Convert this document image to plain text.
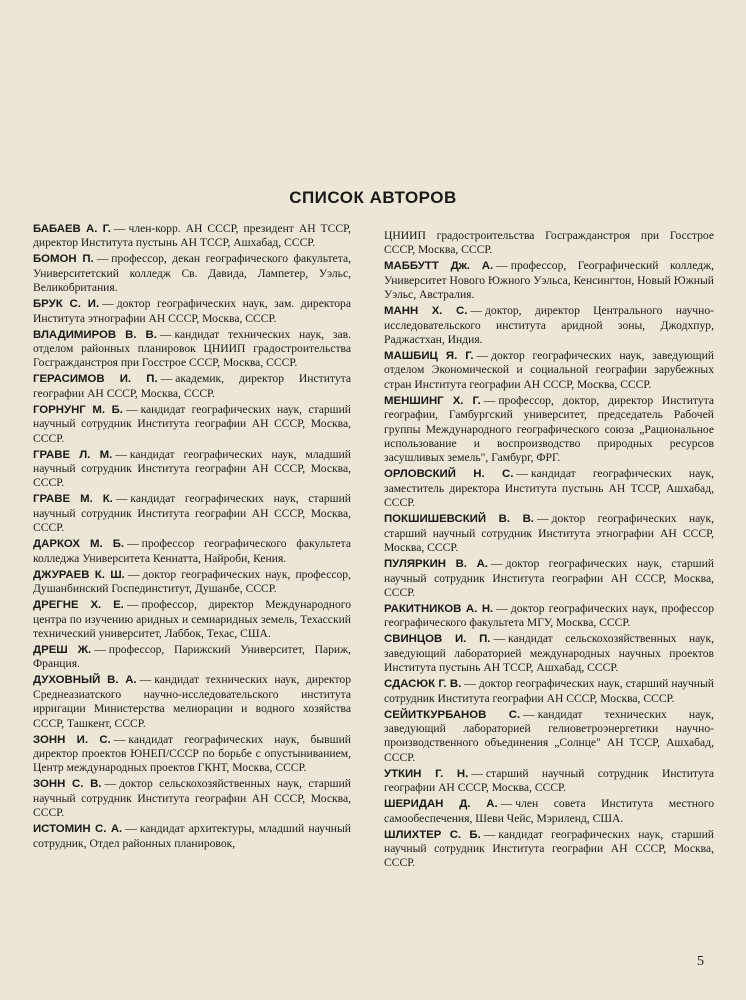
СПИСОК АВТОРОВ
БАБАЕВ А. Г. — член-корр. АН СССР, президент АН ТССР, директор Института пустынь АН ТССР, Ашхабад, СССР.
БОМОН П. — профессор, декан географического факультета, Университетский колледж Св. Давида, Лампетер, Уэльс, Великобритания.
БРУК С. И. — доктор географических наук, зам. директора Института этнографии АН СССР, Москва, СССР.
ВЛАДИМИРОВ В. В. — кандидат технических наук, зав. отделом районных планировок ЦНИИП градостроительства Госгражданстроя при Госстрое СССР, Москва, СССР.
ГЕРАСИМОВ И. П. — академик, директор Института географии АН СССР, Москва, СССР.
ГОРНУНГ М. Б. — кандидат географических наук, старший научный сотрудник Института географии АН СССР, Москва, СССР.
ГРАВЕ Л. М. — кандидат географических наук, младший научный сотрудник Института географии АН СССР, Москва, СССР.
ГРАВЕ М. К. — кандидат географических наук, старший научный сотрудник Института географии АН СССР, Москва, СССР.
ДАРКОХ М. Б. — профессор географического факультета колледжа Университета Кениатта, Найроби, Кения.
ДЖУРАЕВ К. Ш. — доктор географических наук, профессор, Душанбинский Госпединститут, Душанбе, СССР.
ДРЕГНЕ Х. Е. — профессор, директор Международного центра по изучению аридных и семиаридных земель, Техасский технический университет, Лаббок, Техас, США.
ДРЕШ Ж. — профессор, Парижский Университет, Париж, Франция.
ДУХОВНЫЙ В. А. — кандидат технических наук, директор Среднеазиатского научно-исследовательского института ирригации Министерства мелиорации и водного хозяйства СССР, Ташкент, СССР.
ЗОНН И. С. — кандидат географических наук, бывший директор проектов ЮНЕП/СССР по борьбе с опустыниванием, Центр международных проектов ГКНТ, Москва, СССР.
ЗОНН С. В. — доктор сельскохозяйственных наук, старший научный сотрудник Института географии АН СССР, Москва, СССР.
ИСТОМИН С. А. — кандидат архитектуры, младший научный сотрудник, Отдел районных планировок,
ЦНИИП градостроительства Госгражданстроя при Госстрое СССР, Москва, СССР.
МАББУТТ Дж. А. — профессор, Географический колледж, Университет Нового Южного Уэльса, Кенсингтон, Новый Южный Уэльс, Австралия.
МАНН Х. С. — доктор, директор Центрального научно-исследовательского института аридной зоны, Джодхпур, Раджастхан, Индия.
МАШБИЦ Я. Г. — доктор географических наук, заведующий отделом Экономической и социальной географии зарубежных стран Института географии АН СССР, Москва, СССР.
МЕНШИНГ Х. Г. — профессор, доктор, директор Института географии, Гамбургский университет, председатель Рабочей группы Международного географического союза „Рациональное использование и воспроизводство природных ресурсов засушливых земель", Гамбург, ФРГ.
ОРЛОВСКИЙ Н. С. — кандидат географических наук, заместитель директора Института пустынь АН ТССР, Ашхабад, СССР.
ПОКШИШЕВСКИЙ В. В. — доктор географических наук, старший научный сотрудник Института этнографии АН СССР, Москва, СССР.
ПУЛЯРКИН В. А. — доктор географических наук, старший научный сотрудник Института географии АН СССР, Москва, СССР.
РАКИТНИКОВ А. Н. — доктор географических наук, профессор географического факультета МГУ, Москва, СССР.
СВИНЦОВ И. П. — кандидат сельскохозяйственных наук, заведующий лабораторией международных научных проектов Института пустынь АН ТССР, Ашхабад, СССР.
СДАСЮК Г. В. — доктор географических наук, старший научный сотрудник Института географии АН СССР, Москва, СССР.
СЕЙИТКУРБАНОВ С. — кандидат технических наук, заведующий лабораторией гелиоветроэнергетики научно-производственного объединения „Солнце" АН ТССР, Ашхабад, СССР.
УТКИН Г. Н. — старший научный сотрудник Института географии АН СССР, Москва, СССР.
ШЕРИДАН Д. А. — член совета Института местного самообеспечения, Шеви Чейс, Мэриленд, США.
ШЛИХТЕР С. Б. — кандидат географических наук, старший научный сотрудник Института географии АН СССР, Москва, СССР.
5
